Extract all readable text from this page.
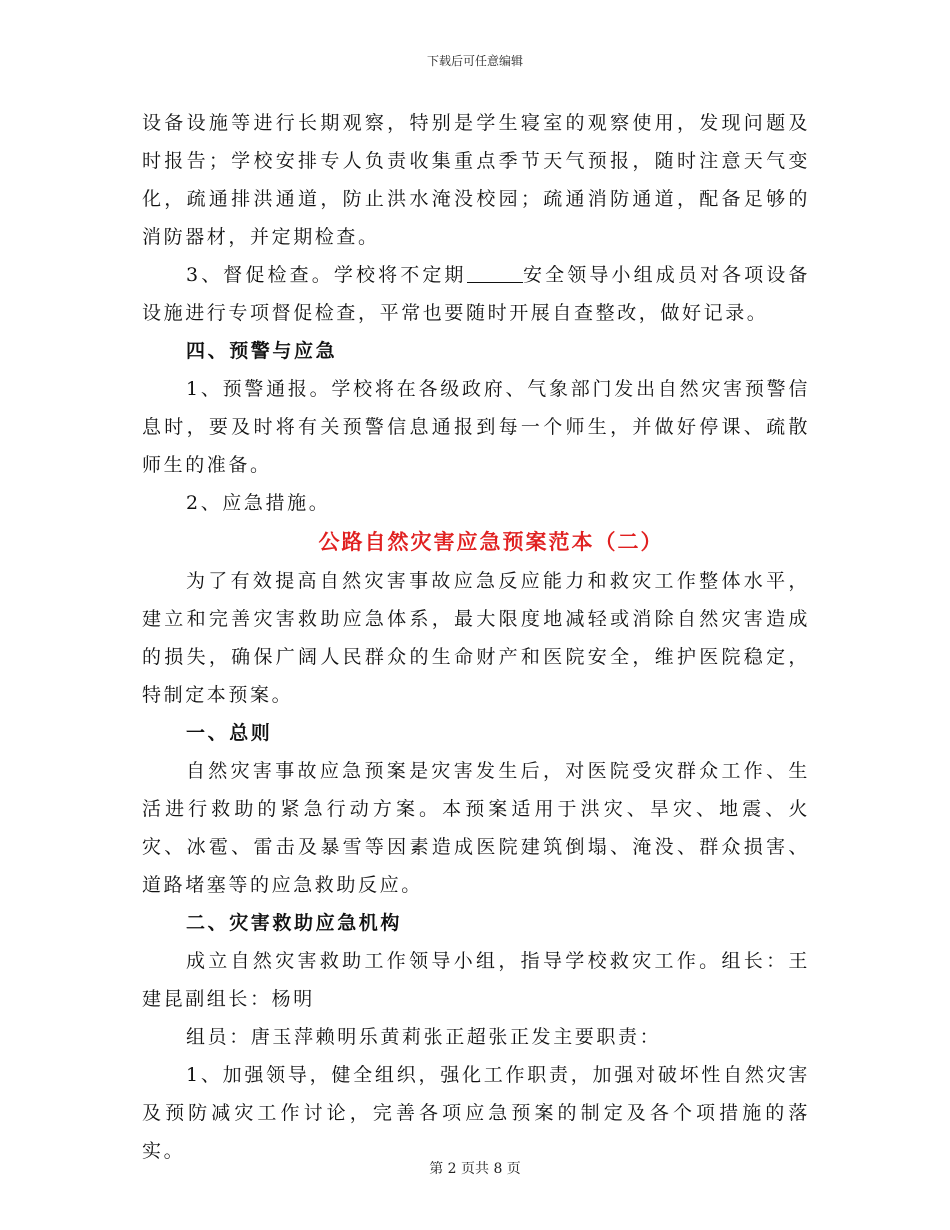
下载后可任意编辑

设备设施等进行长期观察，特别是学生寝室的观察使用，发现问题及时报告；学校安排专人负责收集重点季节天气预报，随时注意天气变化，疏通排洪通道，防止洪水淹没校园；疏通消防通道，配备足够的消防器材，并定期检查。

3、督促检查。学校将不定期	安全领导小组成员对各项设备设施进行专项督促检查，平常也要随时开展自查整改，做好记录。

四、预警与应急

1、预警通报。学校将在各级政府、气象部门发出自然灾害预警信息时，要及时将有关预警信息通报到每一个师生，并做好停课、疏散师生的准备。

2、应急措施。

公路自然灾害应急预案范本（二）

为了有效提高自然灾害事故应急反应能力和救灾工作整体水平，建立和完善灾害救助应急体系，最大限度地减轻或消除自然灾害造成的损失，确保广阔人民群众的生命财产和医院安全，维护医院稳定，特制定本预案。

一、总则

自然灾害事故应急预案是灾害发生后，对医院受灾群众工作、生活进行救助的紧急行动方案。本预案适用于洪灾、旱灾、地震、火灾、冰雹、雷击及暴雪等因素造成医院建筑倒塌、淹没、群众损害、道路堵塞等的应急救助反应。

二、灾害救助应急机构

成立自然灾害救助工作领导小组，指导学校救灾工作。组长：王建昆副组长：杨明

组员：唐玉萍赖明乐黄莉张正超张正发主要职责：

1、加强领导，健全组织，强化工作职责，加强对破坏性自然灾害及预防减灾工作讨论，完善各项应急预案的制定及各个项措施的落实。

第 2 页共 8 页
